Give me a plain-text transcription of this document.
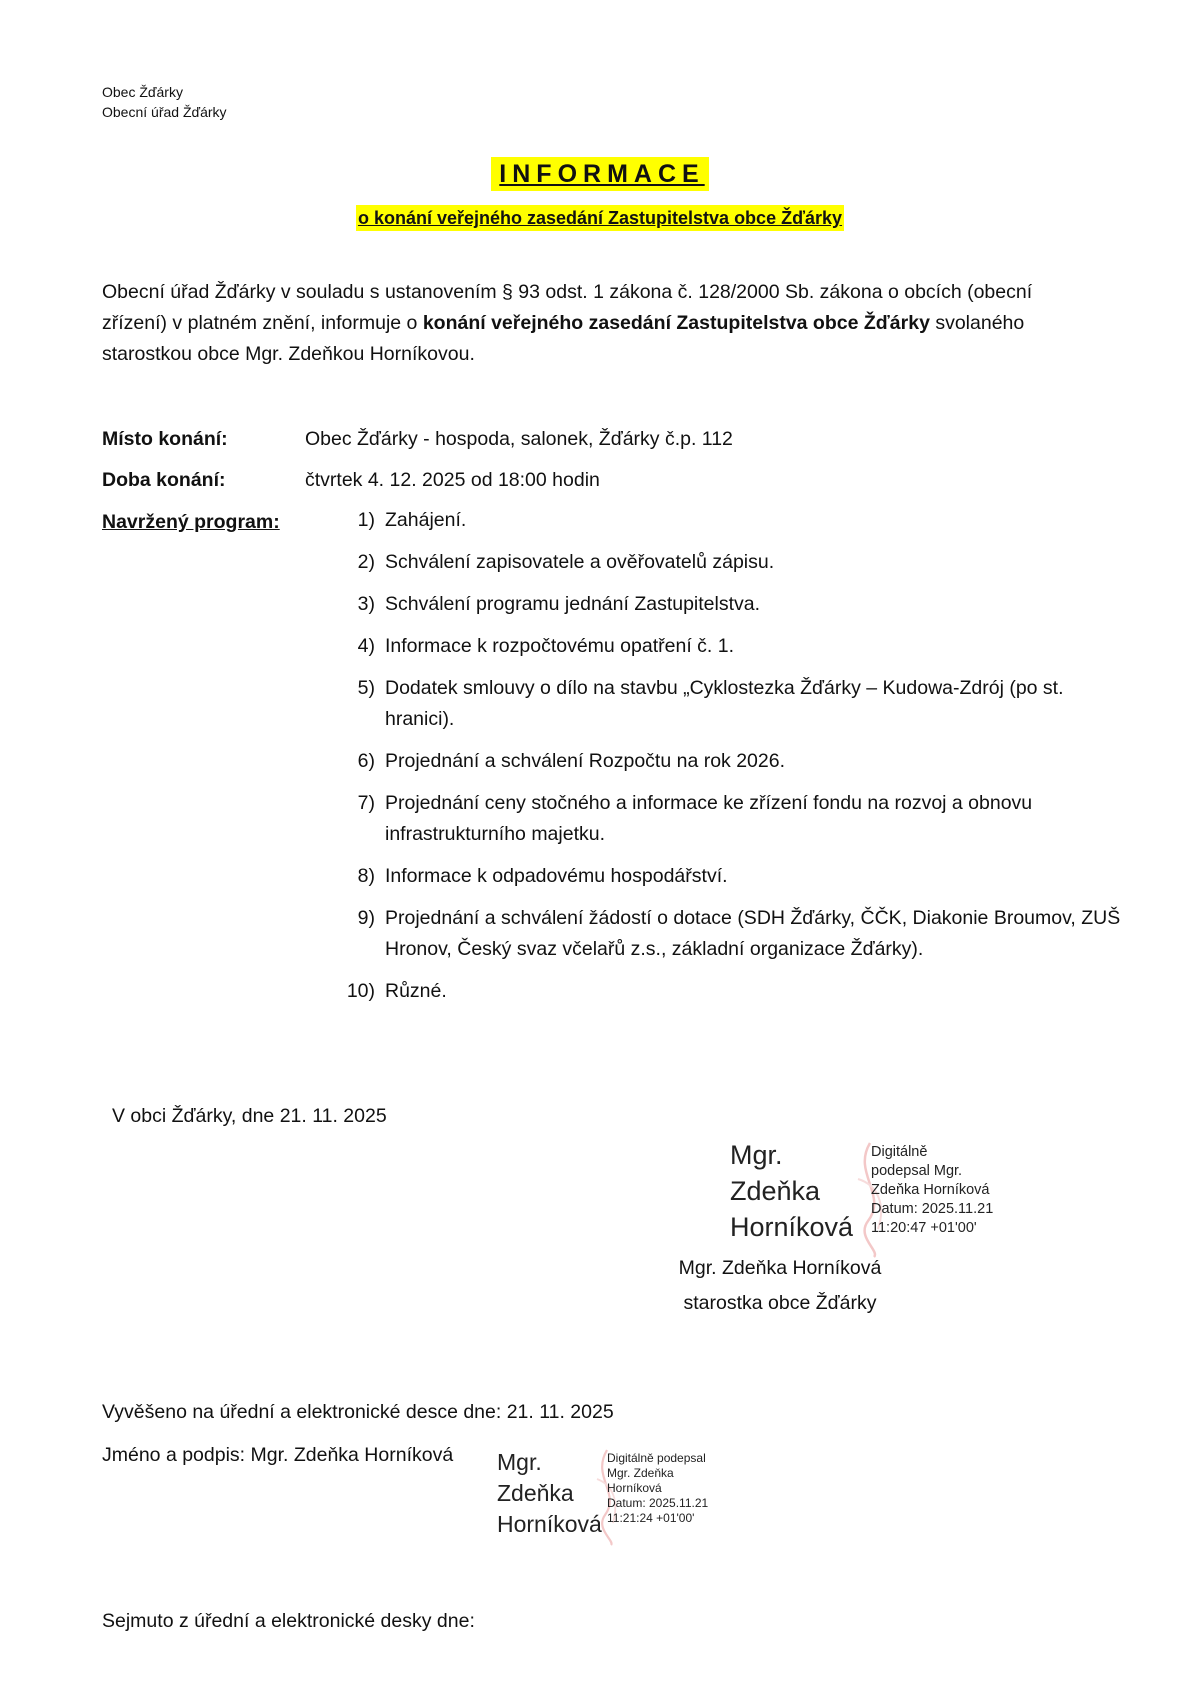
Obec Žďárky
Obecní úřad Žďárky
INFORMACE
o konání veřejného zasedání Zastupitelstva obce Žďárky
Obecní úřad Žďárky v souladu s ustanovením § 93 odst. 1 zákona č. 128/2000 Sb. zákona o obcích (obecní zřízení) v platném znění, informuje o konání veřejného zasedání Zastupitelstva obce Žďárky svolaného starostkou obce Mgr. Zdeňkou Horníkovou.
Místo konání:	Obec Žďárky - hospoda, salonek, Žďárky č.p. 112
Doba konání:	čtvrtek 4. 12. 2025 od 18:00 hodin
Navržený program:	1) Zahájení.
2) Schválení zapisovatele a ověřovatelů zápisu.
3) Schválení programu jednání Zastupitelstva.
4) Informace k rozpočtovému opatření č. 1.
5) Dodatek smlouvy o dílo na stavbu „Cyklostezka Žďárky – Kudowa-Zdrój (po st. hranici).
6) Projednání a schválení Rozpočtu na rok 2026.
7) Projednání ceny stočného a informace ke zřízení fondu na rozvoj a obnovu infrastrukturního majetku.
8) Informace k odpadovému hospodářství.
9) Projednání a schválení žádostí o dotace (SDH Žďárky, ČČK, Diakonie Broumov, ZUŠ Hronov, Český svaz včelařů z.s., základní organizace Žďárky).
10) Různé.
V obci Žďárky, dne 21. 11. 2025
Mgr.
Zdeňka
Horníková
Digitálně
podepsal Mgr.
Zdeňka Horníková
Datum: 2025.11.21
11:20:47 +01'00'
Mgr. Zdeňka Horníková
starostka obce Žďárky
Vyvěšeno na úřední a elektronické desce dne: 21. 11. 2025
Jméno a podpis: Mgr. Zdeňka Horníková Mgr.
Zdeňka
Horníková
Digitálně podepsal
Mgr. Zdeňka
Horníková
Datum: 2025.11.21
11:21:24 +01'00'
Sejmuto z úřední a elektronické desky dne:
